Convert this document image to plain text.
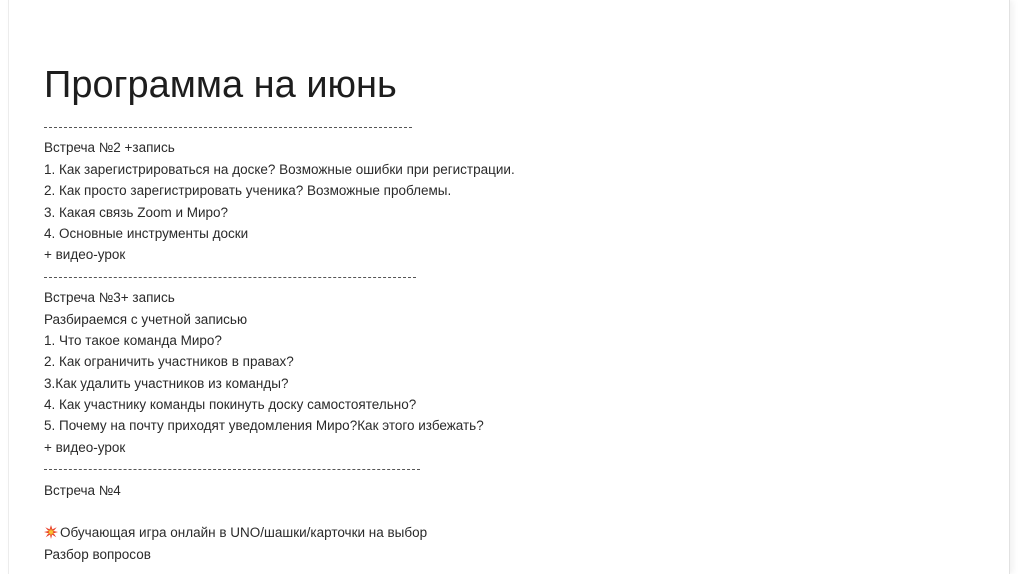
Программа на июнь
Встреча №2 +запись
1. Как зарегистрироваться на доске? Возможные ошибки при регистрации.
2. Как просто зарегистрировать ученика? Возможные проблемы.
3. Какая связь Zoom и Миро?
4. Основные инструменты доски
+ видео-урок
Встреча №3+ запись
Разбираемся с учетной записью
1. Что такое команда Миро?
2. Как ограничить участников в правах?
3.Как удалить участников из команды?
4. Как участнику команды покинуть доску самостоятельно?
5. Почему на почту приходят уведомления Миро?Как этого избежать?
+ видео-урок
Встреча №4
Обучающая игра онлайн в UNO/шашки/карточки на выбор
Разбор вопросов
